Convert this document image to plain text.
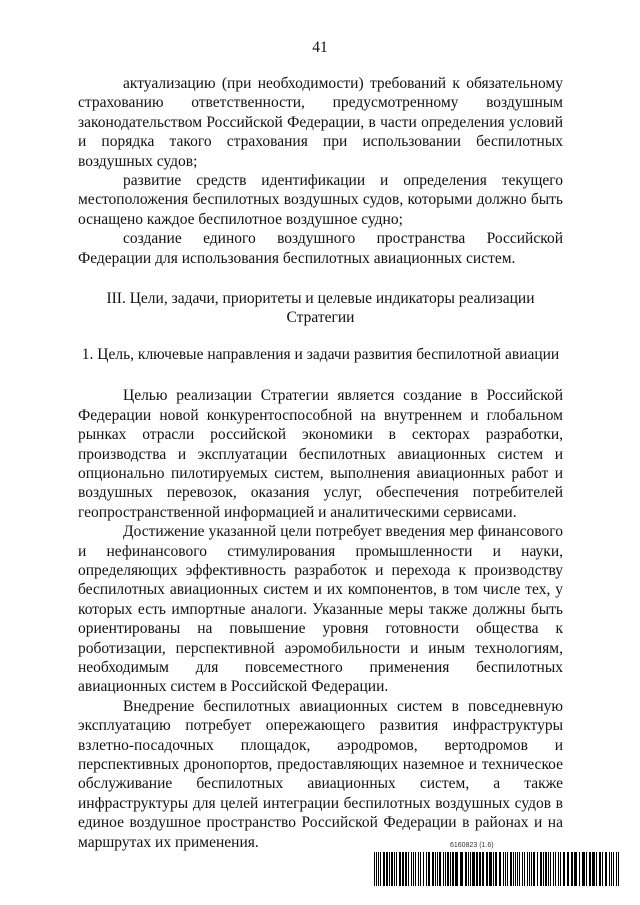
41

актуализацию (при необходимости) требований к обязательному страхованию ответственности, предусмотренному воздушным законодательством Российской Федерации, в части определения условий и порядка такого страхования при использовании беспилотных воздушных судов;

развитие средств идентификации и определения текущего местоположения беспилотных воздушных судов, которыми должно быть оснащено каждое беспилотное воздушное судно;

создание единого воздушного пространства Российской Федерации для использования беспилотных авиационных систем.

III. Цели, задачи, приоритеты и целевые индикаторы реализации Стратегии

1. Цель, ключевые направления и задачи развития беспилотной авиации

Целью реализации Стратегии является создание в Российской Федерации новой конкурентоспособной на внутреннем и глобальном рынках отрасли российской экономики в секторах разработки, производства и эксплуатации беспилотных авиационных систем и опционально пилотируемых систем, выполнения авиационных работ и воздушных перевозок, оказания услуг, обеспечения потребителей геопространственной информацией и аналитическими сервисами.

Достижение указанной цели потребует введения мер финансового и нефинансового стимулирования промышленности и науки, определяющих эффективность разработок и перехода к производству беспилотных авиационных систем и их компонентов, в том числе тех, у которых есть импортные аналоги. Указанные меры также должны быть ориентированы на повышение уровня готовности общества к роботизации, перспективной аэромобильности и иным технологиям, необходимым для повсеместного применения беспилотных авиационных систем в Российской Федерации.

Внедрение беспилотных авиационных систем в повседневную эксплуатацию потребует опережающего развития инфраструктуры взлетно-посадочных площадок, аэродромов, вертодромов и перспективных дронопортов, предоставляющих наземное и техническое обслуживание беспилотных авиационных систем, а также инфраструктуры для целей интеграции беспилотных воздушных судов в единое воздушное пространство Российской Федерации в районах и на маршрутах их применения.	6160823 (1.6)
